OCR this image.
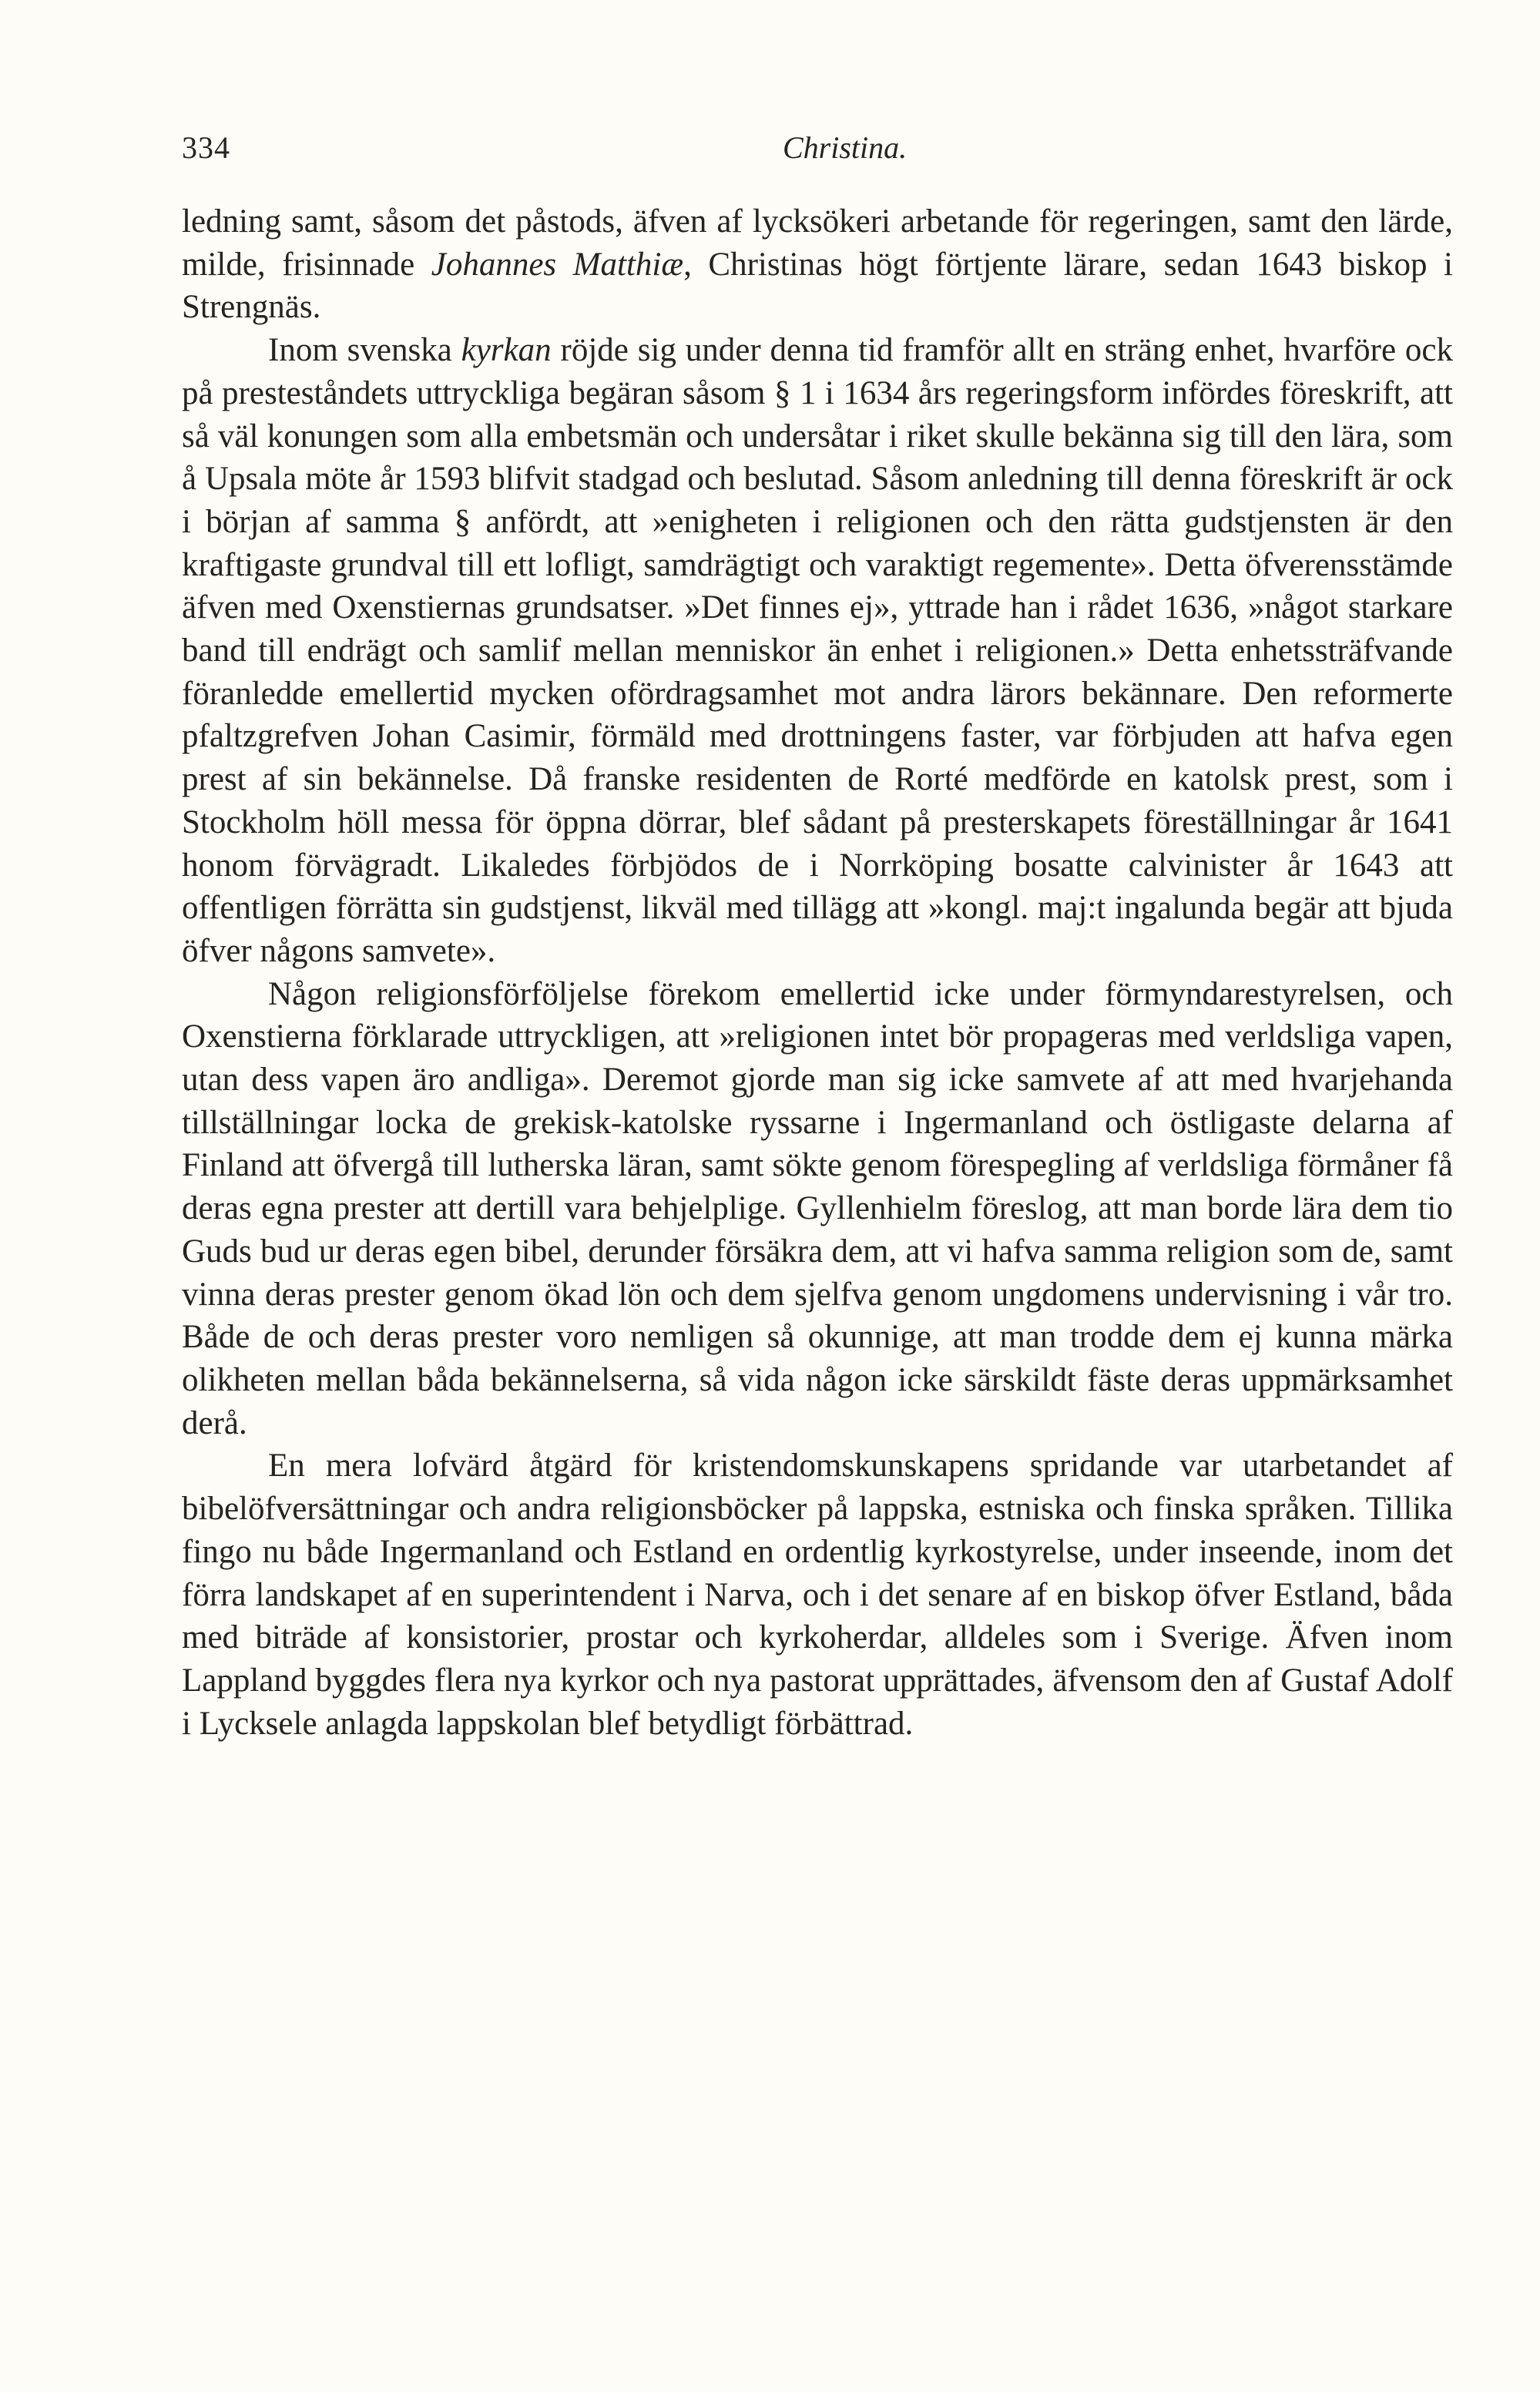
334	Christina.

ledning samt, såsom det påstods, äfven af lycksökeri arbetande för regeringen, samt den lärde, milde, frisinnade Johannes Matthiæ, Christinas högt förtjente lärare, sedan 1643 biskop i Strengnäs.

Inom svenska kyrkan röjde sig under denna tid framför allt en sträng enhet, hvarföre ock på presteståndets uttryckliga begäran såsom § 1 i 1634 års regeringsform infördes föreskrift, att så väl konungen som alla embetsmän och undersåtar i riket skulle bekänna sig till den lära, som å Upsala möte år 1593 blifvit stadgad och beslutad. Såsom anledning till denna föreskrift är ock i början af samma § anfördt, att »enigheten i religionen och den rätta gudstjensten är den kraftigaste grundval till ett lofligt, samdrägtigt och varaktigt regemente». Detta öfverensstämde äfven med Oxenstiernas grundsatser. »Det finnes ej», yttrade han i rådet 1636, »något starkare band till endrägt och samlif mellan menniskor än enhet i religionen.» Detta enhetssträfvande föranledde emellertid mycken ofördragsamhet mot andra lärors bekännare. Den reformerte pfaltzgrefven Johan Casimir, förmäld med drottningens faster, var förbjuden att hafva egen prest af sin bekännelse. Då franske residenten de Rorté medförde en katolsk prest, som i Stockholm höll messa för öppna dörrar, blef sådant på presterskapets föreställningar år 1641 honom förvägradt. Likaledes förbjödos de i Norrköping bosatte calvinister år 1643 att offentligen förrätta sin gudstjenst, likväl med tillägg att »kongl. maj:t ingalunda begär att bjuda öfver någons samvete».

Någon religionsförföljelse förekom emellertid icke under förmyndarestyrelsen, och Oxenstierna förklarade uttryckligen, att »religionen intet bör propageras med verldsliga vapen, utan dess vapen äro andliga». Deremot gjorde man sig icke samvete af att med hvarjehanda tillställningar locka de grekisk-katolske ryssarne i Ingermanland och östligaste delarna af Finland att öfvergå till lutherska läran, samt sökte genom förespegling af verldsliga förmåner få deras egna prester att dertill vara behjelplige. Gyllenhielm föreslog, att man borde lära dem tio Guds bud ur deras egen bibel, derunder försäkra dem, att vi hafva samma religion som de, samt vinna deras prester genom ökad lön och dem sjelfva genom ungdomens undervisning i vår tro. Både de och deras prester voro nemligen så okunnige, att man trodde dem ej kunna märka olikheten mellan båda bekännelserna, så vida någon icke särskildt fäste deras uppmärksamhet derå.

En mera lofvärd åtgärd för kristendomskunskapens spridande var utarbetandet af bibelöfversättningar och andra religionsböcker på lappska, estniska och finska språken. Tillika fingo nu både Ingermanland och Estland en ordentlig kyrkostyrelse, under inseende, inom det förra landskapet af en superintendent i Narva, och i det senare af en biskop öfver Estland, båda med biträde af konsistorier, prostar och kyrkoherdar, alldeles som i Sverige. Äfven inom Lappland byggdes flera nya kyrkor och nya pastorat upprättades, äfvensom den af Gustaf Adolf i Lycksele anlagda lappskolan blef betydligt förbättrad.
